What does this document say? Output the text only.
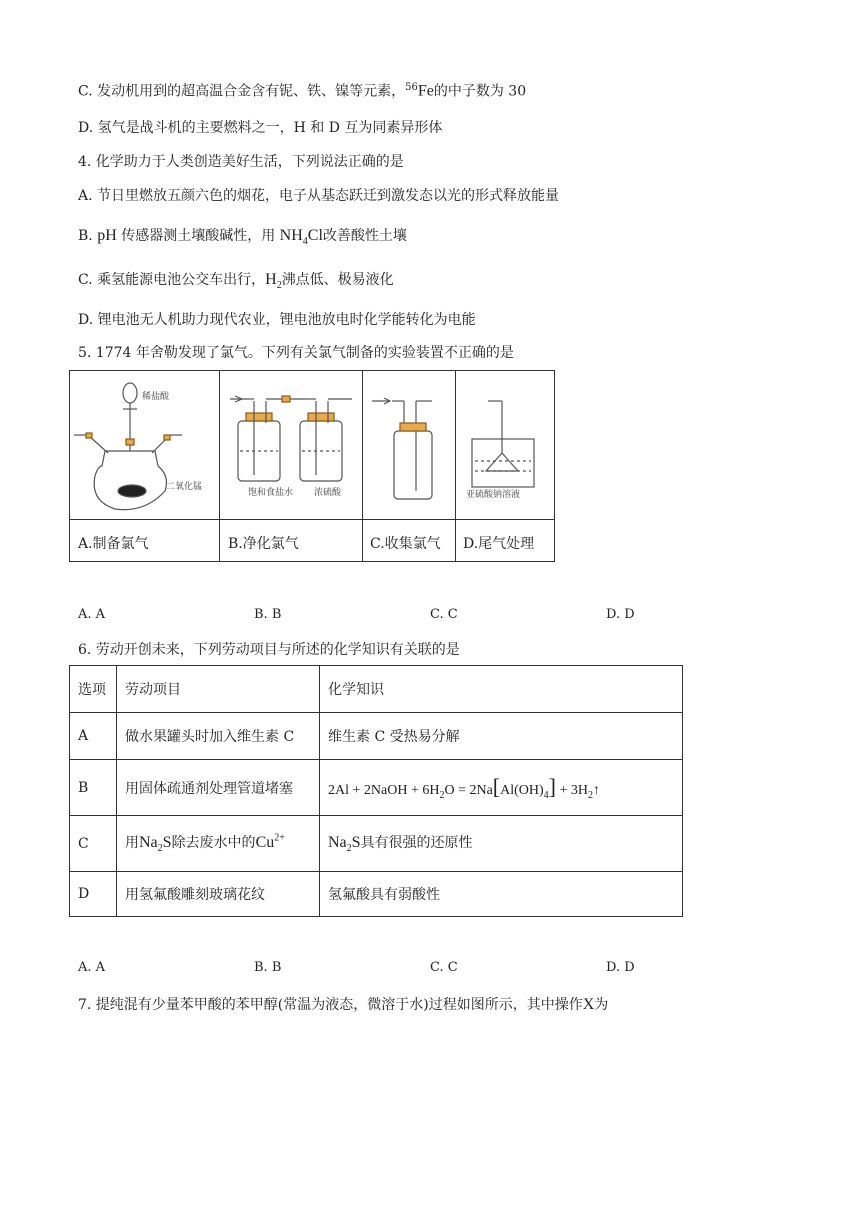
C. 发动机用到的超高温合金含有铌、铁、镍等元素，$^{56}$Fe的中子数为 30
D. 氢气是战斗机的主要燃料之一，H 和 D 互为同素异形体
4. 化学助力于人类创造美好生活，下列说法正确的是
A. 节日里燃放五颜六色的烟花，电子从基态跃迁到激发态以光的形式释放能量
B. pH 传感器测土壤酸碱性，用 $NH_4Cl$改善酸性土壤
C. 乘氢能源电池公交车出行，$H_2$沸点低、极易液化
D. 锂电池无人机助力现代农业，锂电池放电时化学能转化为电能
5. 1774 年舍勒发现了氯气。下列有关氯气制备的实验装置不正确的是
稀盐酸
二氧化锰
饱和食盐水 浓硫酸	亚硫酸钠溶液
A.制备氯气	B.净化氯气	C.收集氯气 D.尾气处理
A. A	B. B	C. C	D. D
6. 劳动开创未来，下列劳动项目与所述的化学知识有关联的是
选项	劳动项目	化学知识
A	做水果罐头时加入维生素 C	维生素 C 受热易分解
B	用固体疏通剂处理管道堵塞	2Al + 2NaOH + $6H_2O = 2Na[Al(OH)_4]$ + $3H_2↑$
C	用$Na_2S$除去废水中的$Cu^{2+}$	$Na_2S$具有很强的还原性
D	用氢氟酸雕刻玻璃花纹	氢氟酸具有弱酸性
A. A	B. B	C. C	D. D
7. 提纯混有少量苯甲酸的苯甲醇(常温为液态，微溶于水)过程如图所示，其中操作X为
